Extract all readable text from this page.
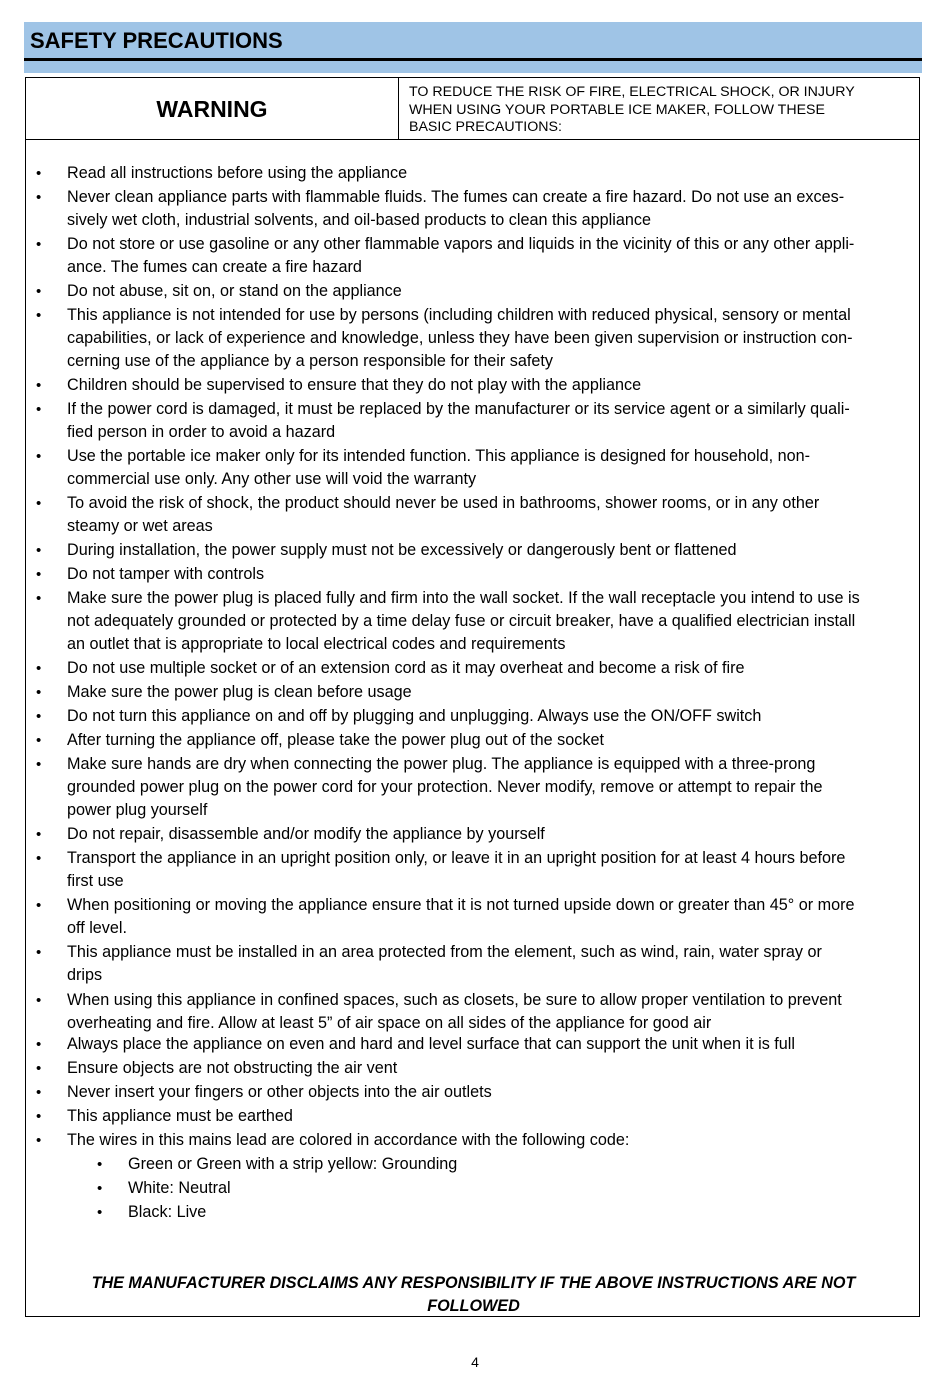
SAFETY PRECAUTIONS
WARNING
TO REDUCE THE RISK OF FIRE, ELECTRICAL SHOCK, OR INJURY
WHEN USING YOUR PORTABLE ICE MAKER, FOLLOW THESE
BASIC PRECAUTIONS:
• Read all instructions before using the appliance
• Never clean appliance parts with flammable fluids. The fumes can create a fire hazard. Do not use an exces-
sively wet cloth, industrial solvents, and oil-based products to clean this appliance
• Do not store or use gasoline or any other flammable vapors and liquids in the vicinity of this or any other appli-
ance. The fumes can create a fire hazard
• Do not abuse, sit on, or stand on the appliance
• This appliance is not intended for use by persons (including children with reduced physical, sensory or mental
capabilities, or lack of experience and knowledge, unless they have been given supervision or instruction con-
cerning use of the appliance by a person responsible for their safety
• Children should be supervised to ensure that they do not play with the appliance
• If the power cord is damaged, it must be replaced by the manufacturer or its service agent or a similarly quali-
fied person in order to avoid a hazard
• Use the portable ice maker only for its intended function. This appliance is designed for household, non-
commercial use only. Any other use will void the warranty
• To avoid the risk of shock, the product should never be used in bathrooms, shower rooms, or in any other
steamy or wet areas
• During installation, the power supply must not be excessively or dangerously bent or flattened
• Do not tamper with controls
• Make sure the power plug is placed fully and firm into the wall socket. If the wall receptacle you intend to use is
not adequately grounded or protected by a time delay fuse or circuit breaker, have a qualified electrician install
an outlet that is appropriate to local electrical codes and requirements
• Do not use multiple socket or of an extension cord as it may overheat and become a risk of fire
• Make sure the power plug is clean before usage
• Do not turn this appliance on and off by plugging and unplugging. Always use the ON/OFF switch
• After turning the appliance off, please take the power plug out of the socket
• Make sure hands are dry when connecting the power plug. The appliance is equipped with a three-prong
grounded power plug on the power cord for your protection. Never modify, remove or attempt to repair the
power plug yourself
• Do not repair, disassemble and/or modify the appliance by yourself
• Transport the appliance in an upright position only, or leave it in an upright position for at least 4 hours before
first use
• When positioning or moving the appliance ensure that it is not turned upside down or greater than 45° or more
off level.
• This appliance must be installed in an area protected from the element, such as wind, rain, water spray or
drips
• When using this appliance in confined spaces, such as closets, be sure to allow proper ventilation to prevent
overheating and fire. Allow at least 5” of air space on all sides of the appliance for good air
• Always place the appliance on even and hard and level surface that can support the unit when it is full
• Ensure objects are not obstructing the air vent
• Never insert your fingers or other objects into the air outlets
• This appliance must be earthed
• The wires in this mains lead are colored in accordance with the following code:
• Green or Green with a strip yellow: Grounding
• White: Neutral
• Black: Live
THE MANUFACTURER DISCLAIMS ANY RESPONSIBILITY IF THE ABOVE INSTRUCTIONS ARE NOT
FOLLOWED
4
